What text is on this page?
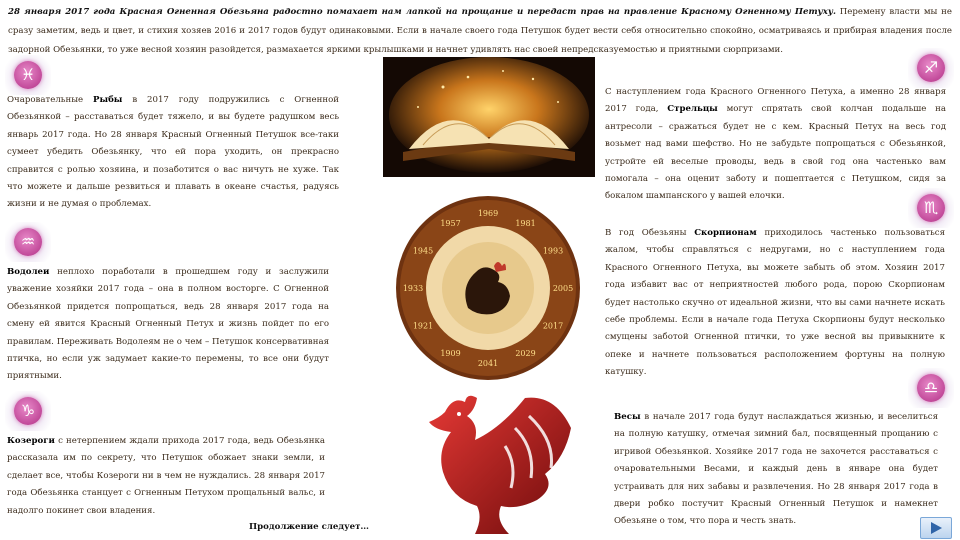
28 января 2017 года Красная Огненная Обезьяна радостно помахает нам лапкой на прощание и передаст прав на правление Красному Огненному Петуху. Перемену власти мы не сразу заметим, ведь и цвет, и стихия хозяев 2016 и 2017 годов будут одинаковыми. Если в начале своего года Петушок будет вести себя относительно спокойно, осматриваясь и прибирая владения после задорной Обезьянки, то уже весной хозяин разойдется, размахается яркими крылышками и начнет удивлять нас своей непредсказуемостью и приятными сюрпризами.
♓
Очаровательные Рыбы в 2017 году подружились с Огненной Обезьянкой – расставаться будет тяжело, и вы будете радушком весь январь 2017 года. Но 28 января Красный Огненный Петушок все-таки сумеет убедить Обезьянку, что ей пора уходить, он прекрасно справится с ролью хозяина, и позаботится о вас ничуть не хуже. Так что можете и дальше резвиться и плавать в океане счастья, радуясь жизни и не думая о проблемах.
♒
Водолеи неплохо поработали в прошедшем году и заслужили уважение хозяйки 2017 года – она в полном восторге. С Огненной Обезьянкой придется попрощаться, ведь 28 января 2017 года на смену ей явится Красный Огненный Петух и жизнь пойдет по его правилам. Переживать Водолеям не о чем – Петушок консервативная птичка, но если уж задумает какие-то перемены, то все они будут приятными.
♑
Козероги с нетерпением ждали прихода 2017 года, ведь Обезьянка рассказала им по секрету, что Петушок обожает знаки земли, и сделает все, чтобы Козероги ни в чем не нуждались. 28 января 2017 года Обезьянка станцует с Огненным Петухом прощальный вальс, и надолго покинет свои владения.
1957
1969
1981
1993
2005
2017
2029
2041
1909
1921
1933
1945
♐
С наступлением года Красного Огненного Петуха, а именно 28 января 2017 года, Стрельцы могут спрятать свой колчан подальше на антресоли – сражаться будет не с кем. Красный Петух на весь год возьмет над вами шефство. Но не забудьте попрощаться с Обезьянкой, устройте ей веселые проводы, ведь в свой год она частенько вам помогала – она оценит заботу и пошептается с Петушком, сидя за бокалом шампанского у вашей елочки.
♏
В год Обезьяны Скорпионам приходилось частенько пользоваться жалом, чтобы справляться с недругами, но с наступлением года Красного Огненного Петуха, вы можете забыть об этом. Хозяин 2017 года избавит вас от неприятностей любого рода, порою Скорпионам будет настолько скучно от идеальной жизни, что вы сами начнете искать себе проблемы. Если в начале года Петуха Скорпионы будут несколько смущены заботой Огненной птички, то уже весной вы привыкните к опеке и начнете пользоваться расположением фортуны на полную катушку.
♎
Весы в начале 2017 года будут наслаждаться жизнью, и веселиться на полную катушку, отмечая зимний бал, посвященный прощанию с игривой Обезьянкой. Хозяйке 2017 года не захочется расставаться с очаровательными Весами, и каждый день в январе она будет устраивать для них забавы и развлечения. Но 28 января 2017 года в двери робко постучит Красный Огненный Петушок и намекнет Обезьяне о том, что пора и честь знать.
Продолжение следует…
